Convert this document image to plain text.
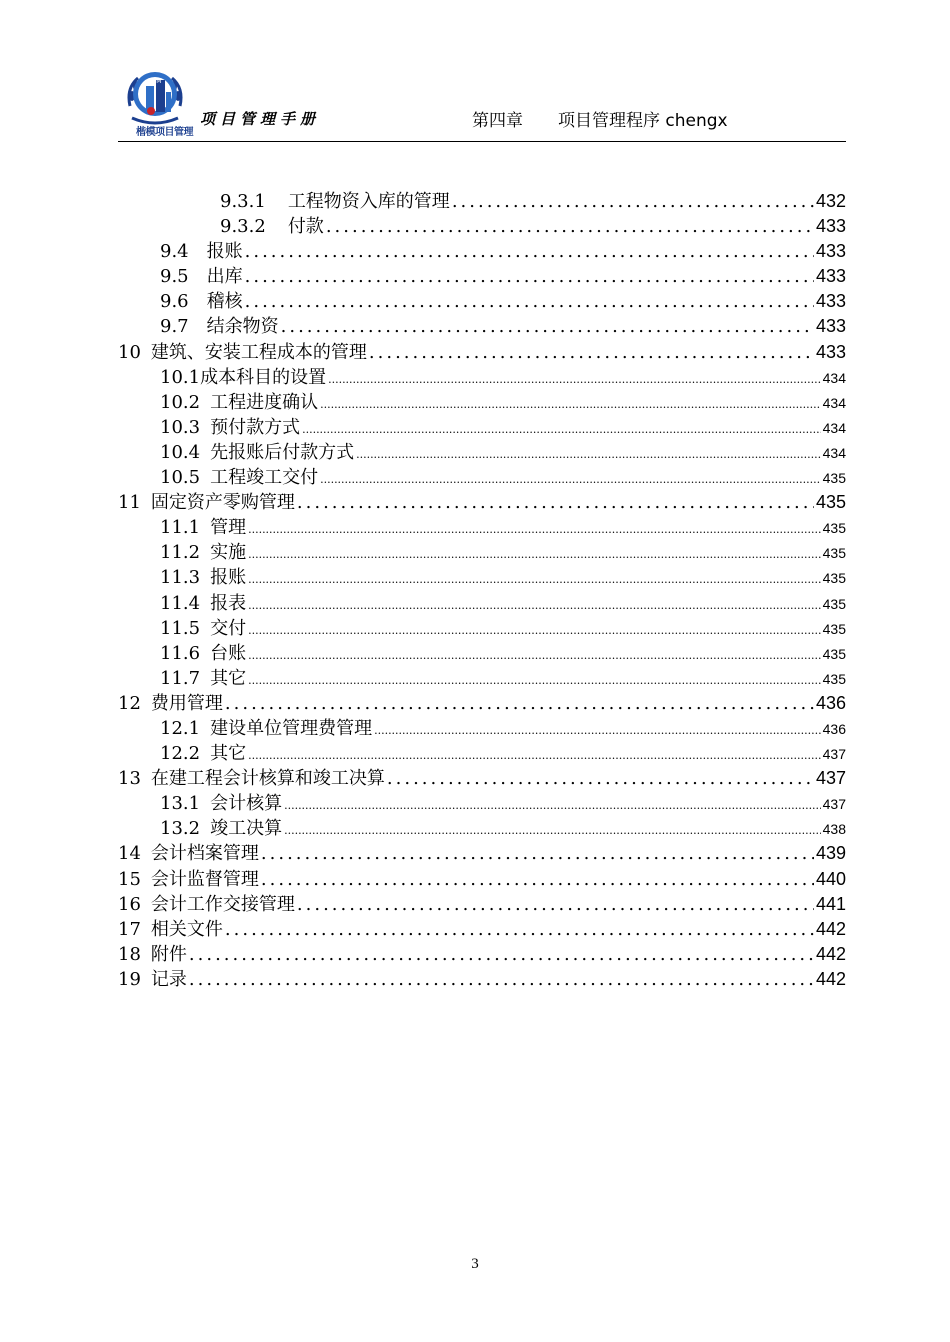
CPM
楷模项目管理
项目管理手册	第四章 项目管理程序 chengx
9.3.1 工程物资入库的管理 .....	432
9.3.2 付款 .....	433
9.4 报账 .....	433
9.5 出库 .....	433
9.6 稽核 .....	433
9.7 结余物资 .....	433
10 建筑、安装工程成本的管理 .....	433
10.1 成本科目的设置 .....	434
10.2 工程进度确认 .....	434
10.3 预付款方式 .....	434
10.4 先报账后付款方式 .....	434
10.5 工程竣工交付 .....	435
11 固定资产零购管理 .....	435
11.1 管理 .....	435
11.2 实施 .....	435
11.3 报账 .....	435
11.4 报表 .....	435
11.5 交付 .....	435
11.6 台账 .....	435
11.7 其它 .....	435
12 费用管理 .....	436
12.1 建设单位管理费管理 .....	436
12.2 其它 .....	437
13 在建工程会计核算和竣工决算 .....	437
13.1 会计核算 .....	437
13.2 竣工决算 .....	438
14 会计档案管理 .....	439
15 会计监督管理 .....	440
16 会计工作交接管理 .....	441
17 相关文件 .....	442
18 附件 .....	442
19 记录 .....	442
3
